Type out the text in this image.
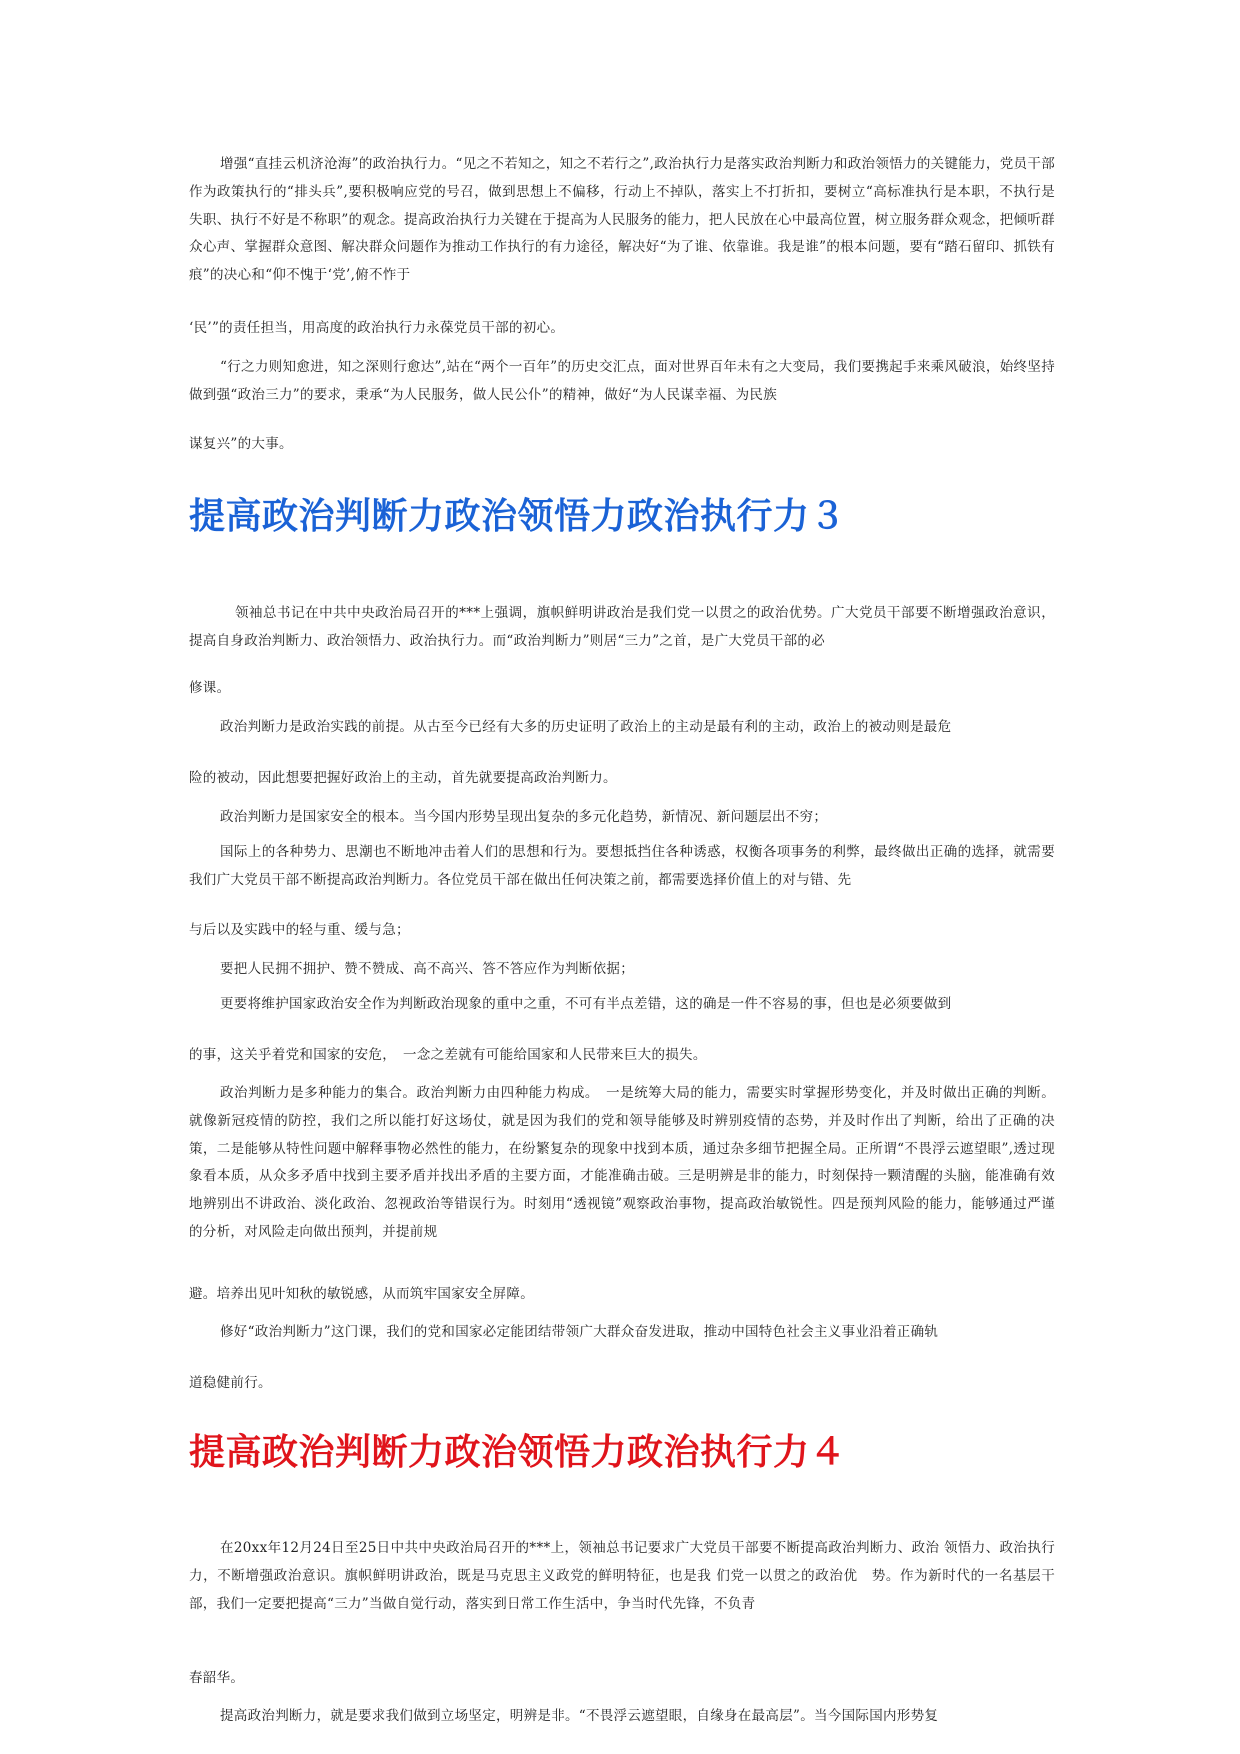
增强“直挂云机济沧海”的政治执行力。“见之不若知之，知之不若行之”,政治执行力是落实政治判断力和政治领悟力的关键能力，党员干部作为政策执行的“排头兵”,要积极响应党的号召，做到思想上不偏移，行动上不掉队，落实上不打折扣，要树立“高标准执行是本职，不执行是失职、执行不好是不称职”的观念。提高政治执行力关键在于提高为人民服务的能力，把人民放在心中最高位置，树立服务群众观念，把倾听群众心声、掌握群众意图、解决群众问题作为推动工作执行的有力途径，解决好“为了谁、依靠谁。我是谁”的根本问题，要有“踏石留印、抓铁有痕”的决心和“仰不愧于‘党’,俯不怍于

‘民’”的责任担当，用高度的政治执行力永葆党员干部的初心。

“行之力则知愈进，知之深则行愈达”,站在“两个一百年”的历史交汇点，面对世界百年未有之大变局，我们要携起手来乘风破浪，始终坚持做到强“政治三力”的要求，秉承“为人民服务，做人民公仆”的精神，做好“为人民谋幸福、为民族

谋复兴”的大事。

提高政治判断力政治领悟力政治执行力３

领袖总书记在中共中央政治局召开的***上强调，旗帜鲜明讲政治是我们党一以贯之的政治优势。广大党员干部要不断增强政治意识，提高自身政治判断力、政治领悟力、政治执行力。而“政治判断力”则居“三力”之首，是广大党员干部的必

修课。

政治判断力是政治实践的前提。从古至今已经有大多的历史证明了政治上的主动是最有利的主动，政治上的被动则是最危

险的被动，因此想要把握好政治上的主动，首先就要提高政治判断力。

政治判断力是国家安全的根本。当今国内形势呈现出复杂的多元化趋势，新情况、新问题层出不穷；

国际上的各种势力、思潮也不断地冲击着人们的思想和行为。要想抵挡住各种诱惑，权衡各项事务的利弊，最终做出正确的选择，就需要我们广大党员干部不断提高政治判断力。各位党员干部在做出任何决策之前，都需要选择价值上的对与错、先

与后以及实践中的轻与重、缓与急；

要把人民拥不拥护、赞不赞成、高不高兴、答不答应作为判断依据；

更要将维护国家政治安全作为判断政治现象的重中之重，不可有半点差错，这的确是一件不容易的事，但也是必须要做到

的事，这关乎着党和国家的安危，　一念之差就有可能给国家和人民带来巨大的损失。

政治判断力是多种能力的集合。政治判断力由四种能力构成。　一是统筹大局的能力，需要实时掌握形势变化，并及时做出正确的判断。就像新冠疫情的防控，我们之所以能打好这场仗，就是因为我们的党和领导能够及时辨别疫情的态势，并及时作出了判断，给出了正确的决策，二是能够从特性问题中解释事物必然性的能力，在纷繁复杂的现象中找到本质，通过杂多细节把握全局。正所谓“不畏浮云遮望眼”,透过现象看本质，从众多矛盾中找到主要矛盾并找出矛盾的主要方面，才能准确击破。三是明辨是非的能力，时刻保持一颗清醒的头脑，能准确有效地辨别出不讲政治、淡化政治、忽视政治等错误行为。时刻用“透视镜”观察政治事物，提高政治敏锐性。四是预判风险的能力，能够通过严谨的分析，对风险走向做出预判，并提前规

避。培养出见叶知秋的敏锐感，从而筑牢国家安全屏障。

修好“政治判断力”这门课，我们的党和国家必定能团结带领广大群众奋发进取，推动中国特色社会主义事业沿着正确轨

道稳健前行。

提高政治判断力政治领悟力政治执行力４

在20xx年12月24日至25日中共中央政治局召开的***上，领袖总书记要求广大党员干部要不断提高政治判断力、政治 领悟力、政治执行力，不断增强政治意识。旗帜鲜明讲政治，既是马克思主义政党的鲜明特征，也是我 们党一以贯之的政治优　势。作为新时代的一名基层干部，我们一定要把提高“三力”当做自觉行动，落实到日常工作生活中，争当时代先锋，不负青

春韶华。

提高政治判断力，就是要求我们做到立场坚定，明辨是非。“不畏浮云遮望眼，自缘身在最高层”。当今国际国内形势复
